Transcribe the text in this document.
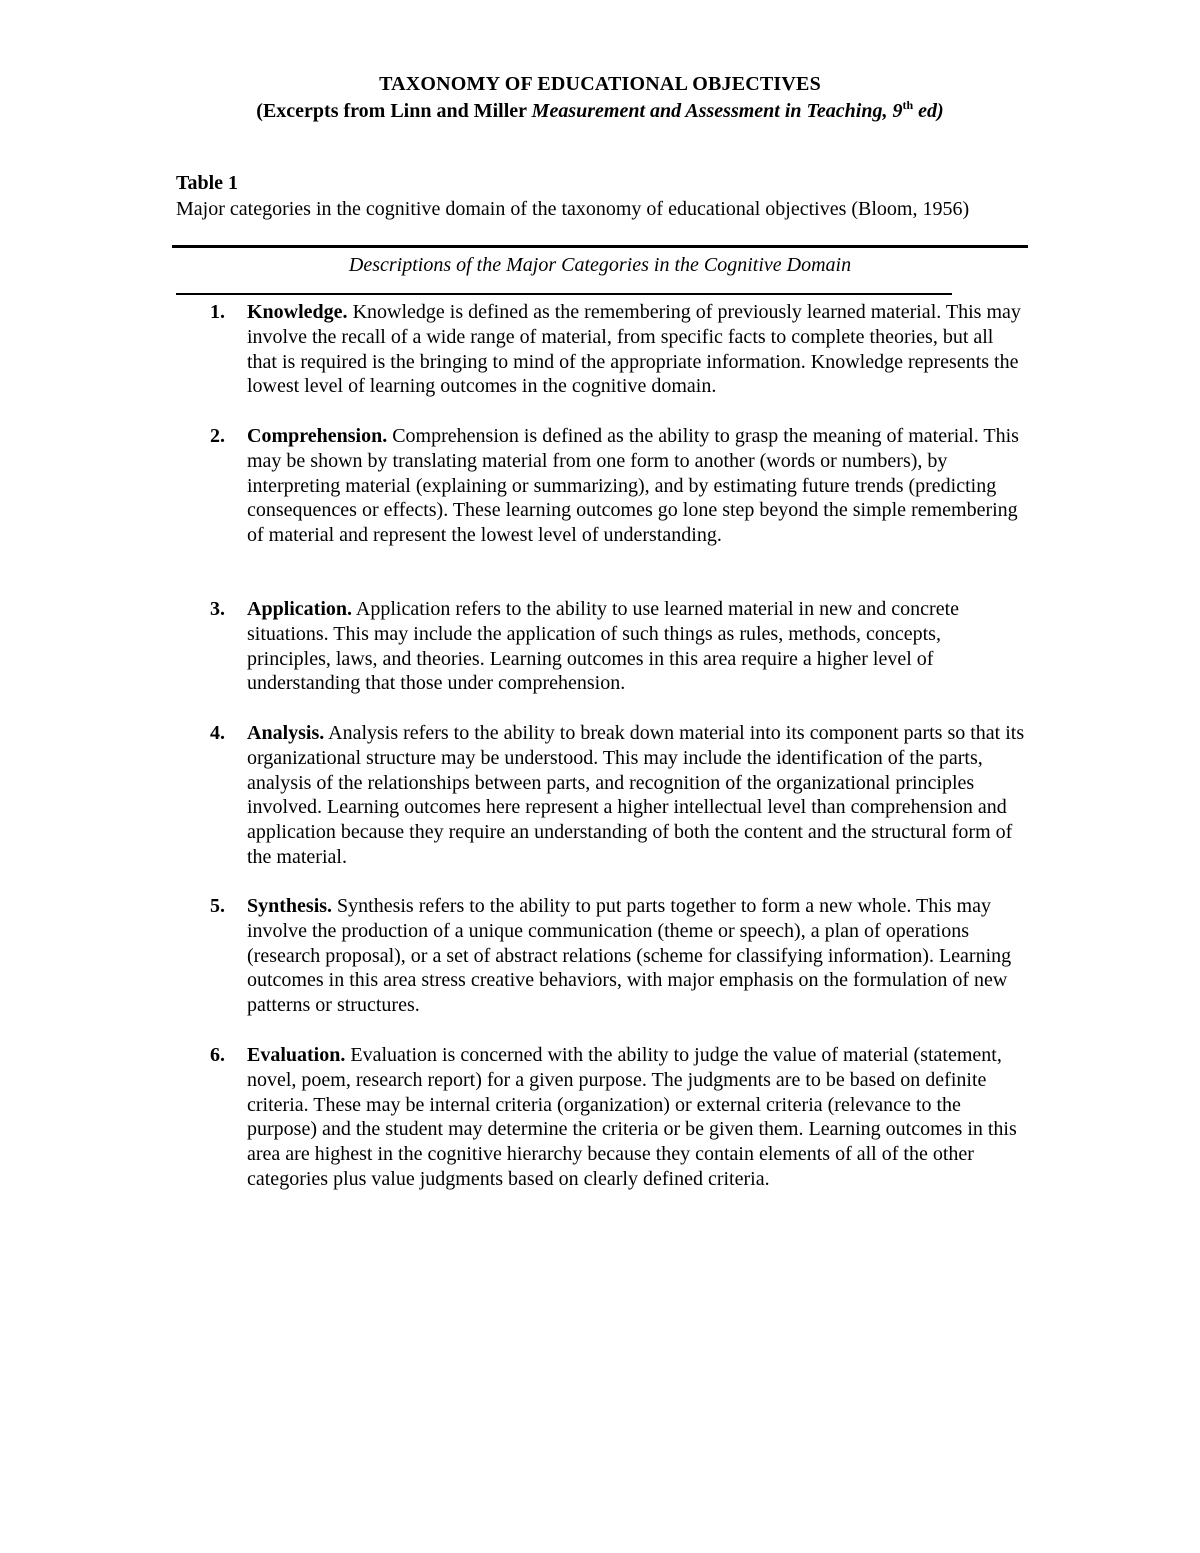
TAXONOMY OF EDUCATIONAL OBJECTIVES
(Excerpts from Linn and Miller Measurement and Assessment in Teaching, 9th ed)
Table 1
Major categories in the cognitive domain of the taxonomy of educational objectives (Bloom, 1956)
Descriptions of the Major Categories in the Cognitive Domain
1. Knowledge. Knowledge is defined as the remembering of previously learned material. This may involve the recall of a wide range of material, from specific facts to complete theories, but all that is required is the bringing to mind of the appropriate information. Knowledge represents the lowest level of learning outcomes in the cognitive domain.
2. Comprehension. Comprehension is defined as the ability to grasp the meaning of material. This may be shown by translating material from one form to another (words or numbers), by interpreting material (explaining or summarizing), and by estimating future trends (predicting consequences or effects). These learning outcomes go lone step beyond the simple remembering of material and represent the lowest level of understanding.
3. Application. Application refers to the ability to use learned material in new and concrete situations. This may include the application of such things as rules, methods, concepts, principles, laws, and theories. Learning outcomes in this area require a higher level of understanding that those under comprehension.
4. Analysis. Analysis refers to the ability to break down material into its component parts so that its organizational structure may be understood. This may include the identification of the parts, analysis of the relationships between parts, and recognition of the organizational principles involved. Learning outcomes here represent a higher intellectual level than comprehension and application because they require an understanding of both the content and the structural form of the material.
5. Synthesis. Synthesis refers to the ability to put parts together to form a new whole. This may involve the production of a unique communication (theme or speech), a plan of operations (research proposal), or a set of abstract relations (scheme for classifying information). Learning outcomes in this area stress creative behaviors, with major emphasis on the formulation of new patterns or structures.
6. Evaluation. Evaluation is concerned with the ability to judge the value of material (statement, novel, poem, research report) for a given purpose. The judgments are to be based on definite criteria. These may be internal criteria (organization) or external criteria (relevance to the purpose) and the student may determine the criteria or be given them. Learning outcomes in this area are highest in the cognitive hierarchy because they contain elements of all of the other categories plus value judgments based on clearly defined criteria.
